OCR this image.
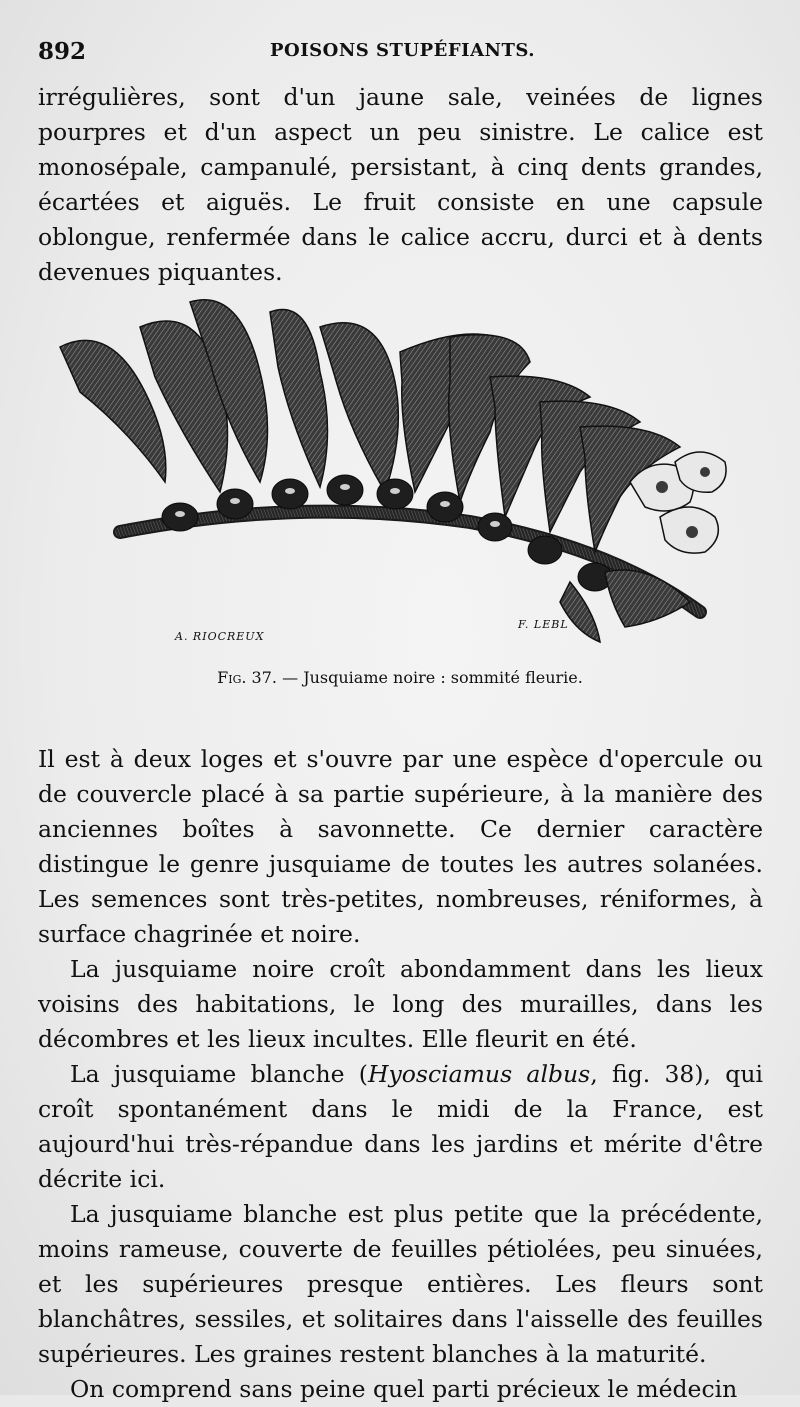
892	POISONS STUPÉFIANTS.

irrégulières, sont d'un jaune sale, veinées de lignes pourpres et d'un aspect un peu sinistre. Le calice est monosépale, campanulé, persistant, à cinq dents grandes, écartées et aiguës. Le fruit consiste en une capsule oblongue, renfermée dans le calice accru, durci et à dents devenues piquantes.

A. RIOCREUX
F. LEBL
Fig. 37. — Jusquiame noire : sommité fleurie.

Il est à deux loges et s'ouvre par une espèce d'opercule ou de couvercle placé à sa partie supérieure, à la manière des anciennes boîtes à savonnette. Ce dernier caractère distingue le genre jusquiame de toutes les autres solanées. Les semences sont très-petites, nombreuses, réniformes, à surface chagrinée et noire.

La jusquiame noire croît abondamment dans les lieux voisins des habitations, le long des murailles, dans les décombres et les lieux incultes. Elle fleurit en été.

La jusquiame blanche (Hyosciamus albus, fig. 38), qui croît spontanément dans le midi de la France, est aujourd'hui très-répandue dans les jardins et mérite d'être décrite ici.

La jusquiame blanche est plus petite que la précédente, moins rameuse, couverte de feuilles pétiolées, peu sinuées, et les supérieures presque entières. Les fleurs sont blanchâtres, sessiles, et solitaires dans l'aisselle des feuilles supérieures. Les graines restent blanches à la maturité.

On comprend sans peine quel parti précieux le médecin
